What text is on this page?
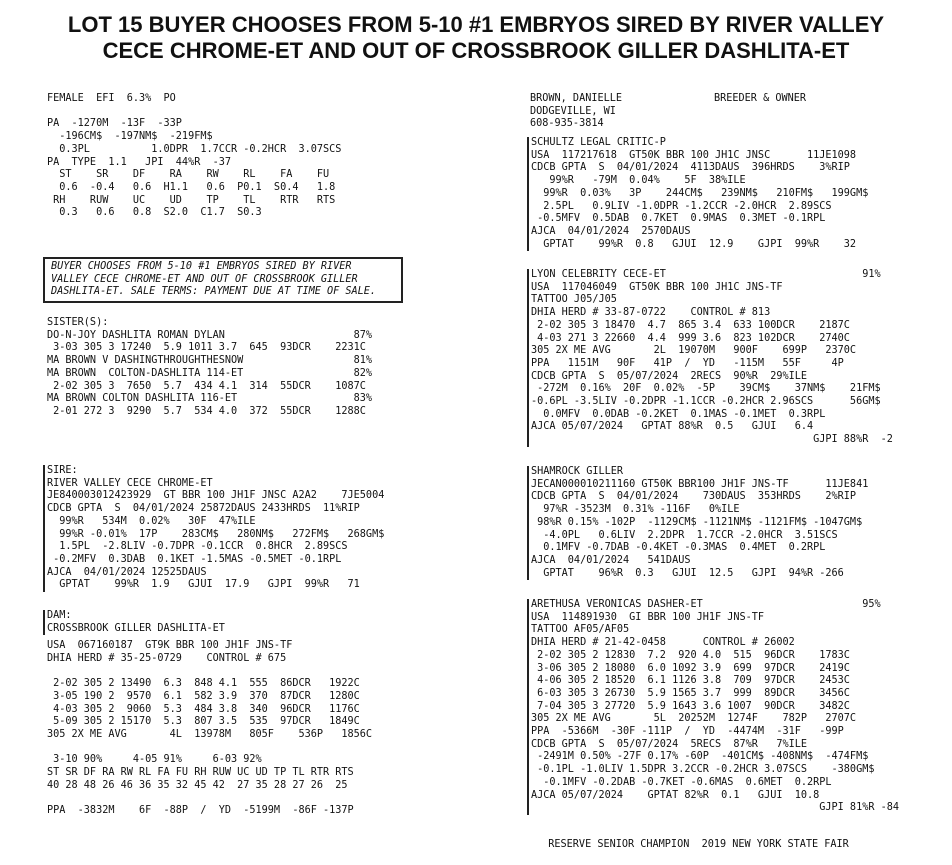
LOT 15 BUYER CHOOSES FROM 5-10 #1 EMBRYOS SIRED BY RIVER VALLEY
CECE CHROME-ET AND OUT OF CROSSBROOK GILLER DASHLITA-ET
FEMALE  EFI  6.3%  PO
PA  -1270M  -13F  -33P
-196CM$  -197NM$  -219FM$
0.3PL          1.0DPR  1.7CCR -0.2HCR  3.07SCS
PA  TYPE  1.1   JPI  44%R  -37
ST    SR    DF    RA    RW    RL    FA    FU
0.6  -0.4   0.6  H1.1   0.6  P0.1  S0.4   1.8
RH    RUW    UC    UD    TP    TL    RTR   RTS
0.3   0.6   0.8  S2.0  C1.7  S0.3
BUYER CHOOSES FROM 5-10 #1 EMBRYOS SIRED BY RIVER
VALLEY CECE CHROME-ET AND OUT OF CROSSBROOK GILLER
DASHLITA-ET. SALE TERMS: PAYMENT DUE AT TIME OF SALE.
SISTER(S):
DO-N-JOY DASHLITA ROMAN DYLAN                     87%
3-03 305 3 17240  5.9 1011 3.7  645  93DCR    2231C
MA BROWN V DASHINGTHROUGHTHESNOW                  81%
MA BROWN  COLTON-DASHLITA 114-ET                  82%
2-02 305 3  7650  5.7  434 4.1  314  55DCR    1087C
MA BROWN COLTON DASHLITA 116-ET                   83%
2-01 272 3  9290  5.7  534 4.0  372  55DCR    1288C
SIRE:
RIVER VALLEY CECE CHROME-ET
JE840003012423929  GT BBR 100 JH1F JNSC A2A2    7JE5004
CDCB GPTA  S  04/01/2024 25872DAUS 2433HRDS  11%RIP
99%R   534M  0.02%   30F  47%ILE
99%R -0.01%  17P    283CM$   280NM$   272FM$   268GM$
1.5PL  -2.8LIV -0.7DPR -0.1CCR  0.8HCR  2.89SCS
-0.2MFV  0.3DAB  0.1KET -1.5MAS -0.5MET -0.1RPL
AJCA  04/01/2024 12525DAUS
GPTAT    99%R  1.9   GJUI  17.9   GJPI  99%R   71
DAM:
CROSSBROOK GILLER DASHLITA-ET
USA  067160187  GT9K BBR 100 JH1F JNS-TF
DHIA HERD # 35-25-0729    CONTROL # 675
2-02 305 2 13490  6.3  848 4.1  555  86DCR   1922C
3-05 190 2  9570  6.1  582 3.9  370  87DCR   1280C
4-03 305 2  9060  5.3  484 3.8  340  96DCR   1176C
5-09 305 2 15170  5.3  807 3.5  535  97DCR   1849C
305 2X ME AVG       4L  13978M   805F    536P   1856C
3-10 90%     4-05 91%     6-03 92%
ST SR DF RA RW RL FA FU RH RUW UC UD TP TL RTR RTS
40 28 48 26 46 36 35 32 45 42  27 35 28 27 26  25
PPA  -3832M    6F  -88P  /  YD  -5199M  -86F -137P
BROWN, DANIELLE               BREEDER & OWNER
DODGEVILLE, WI
608-935-3814
SCHULTZ LEGAL CRITIC-P
USA  117217618  GT50K BBR 100 JH1C JNSC      11JE1098
CDCB GPTA  S  04/01/2024  4113DAUS  396HRDS    3%RIP
99%R   -79M  0.04%    5F  38%ILE
99%R  0.03%   3P    244CM$   239NM$   210FM$   199GM$
2.5PL   0.9LIV -1.0DPR -1.2CCR -2.0HCR  2.89SCS
-0.5MFV  0.5DAB  0.7KET  0.9MAS  0.3MET -0.1RPL
AJCA  04/01/2024  2570DAUS
GPTAT    99%R  0.8   GJUI  12.9    GJPI  99%R    32
LYON CELEBRITY CECE-ET                                91%
USA  117046049  GT50K BBR 100 JH1C JNS-TF
TATTOO J05/J05
DHIA HERD # 33-87-0722    CONTROL # 813
2-02 305 3 18470  4.7  865 3.4  633 100DCR    2187C
4-03 271 3 22660  4.4  999 3.6  823 102DCR    2740C
305 2X ME AVG       2L  19070M   900F    699P   2370C
PPA   1151M   90F   41P  /  YD   -115M   55F     4P
CDCB GPTA  S  05/07/2024  2RECS  90%R  29%ILE
-272M  0.16%  20F  0.02%  -5P    39CM$    37NM$    21FM$
-0.6PL -3.5LIV -0.2DPR -1.1CCR -0.2HCR 2.96SCS      56GM$
0.0MFV  0.0DAB -0.2KET  0.1MAS -0.1MET  0.3RPL
AJCA 05/07/2024   GPTAT 88%R  0.5   GJUI   6.4
GJPI 88%R  -2
SHAMROCK GILLER
JECAN000010211160 GT50K BBR100 JH1F JNS-TF      11JE841
CDCB GPTA  S  04/01/2024    730DAUS  353HRDS    2%RIP
97%R -3523M  0.31% -116F   0%ILE
98%R 0.15% -102P  -1129CM$ -1121NM$ -1121FM$ -1047GM$
-4.0PL   0.6LIV  2.2DPR  1.7CCR -2.0HCR  3.51SCS
0.1MFV -0.7DAB -0.4KET -0.3MAS  0.4MET  0.2RPL
AJCA  04/01/2024   541DAUS
GPTAT    96%R  0.3   GJUI  12.5   GJPI  94%R -266
ARETHUSA VERONICAS DASHER-ET                          95%
USA  114891930  GI BBR 100 JH1F JNS-TF
TATTOO AF05/AF05
DHIA HERD # 21-42-0458      CONTROL # 26002
2-02 305 2 12830  7.2  920 4.0  515  96DCR    1783C
3-06 305 2 18080  6.0 1092 3.9  699  97DCR    2419C
4-06 305 2 18520  6.1 1126 3.8  709  97DCR    2453C
6-03 305 3 26730  5.9 1565 3.7  999  89DCR    3456C
7-04 305 3 27720  5.9 1643 3.6 1007  90DCR    3482C
305 2X ME AVG       5L  20252M  1274F    782P   2707C
PPA  -5366M  -30F -111P  /  YD  -4474M  -31F   -99P
CDCB GPTA  S  05/07/2024  5RECS  87%R   7%ILE
-2491M 0.50% -27F 0.17% -60P  -401CM$ -408NM$  -474FM$
-0.1PL -1.0LIV 1.5DPR 3.2CCR -0.2HCR 3.07SCS    -380GM$
-0.1MFV -0.2DAB -0.7KET -0.6MAS  0.6MET  0.2RPL
AJCA 05/07/2024    GPTAT 82%R  0.1   GJUI  10.8
GJPI 81%R -84

RESERVE SENIOR CHAMPION  2019 NEW YORK STATE FAIR
